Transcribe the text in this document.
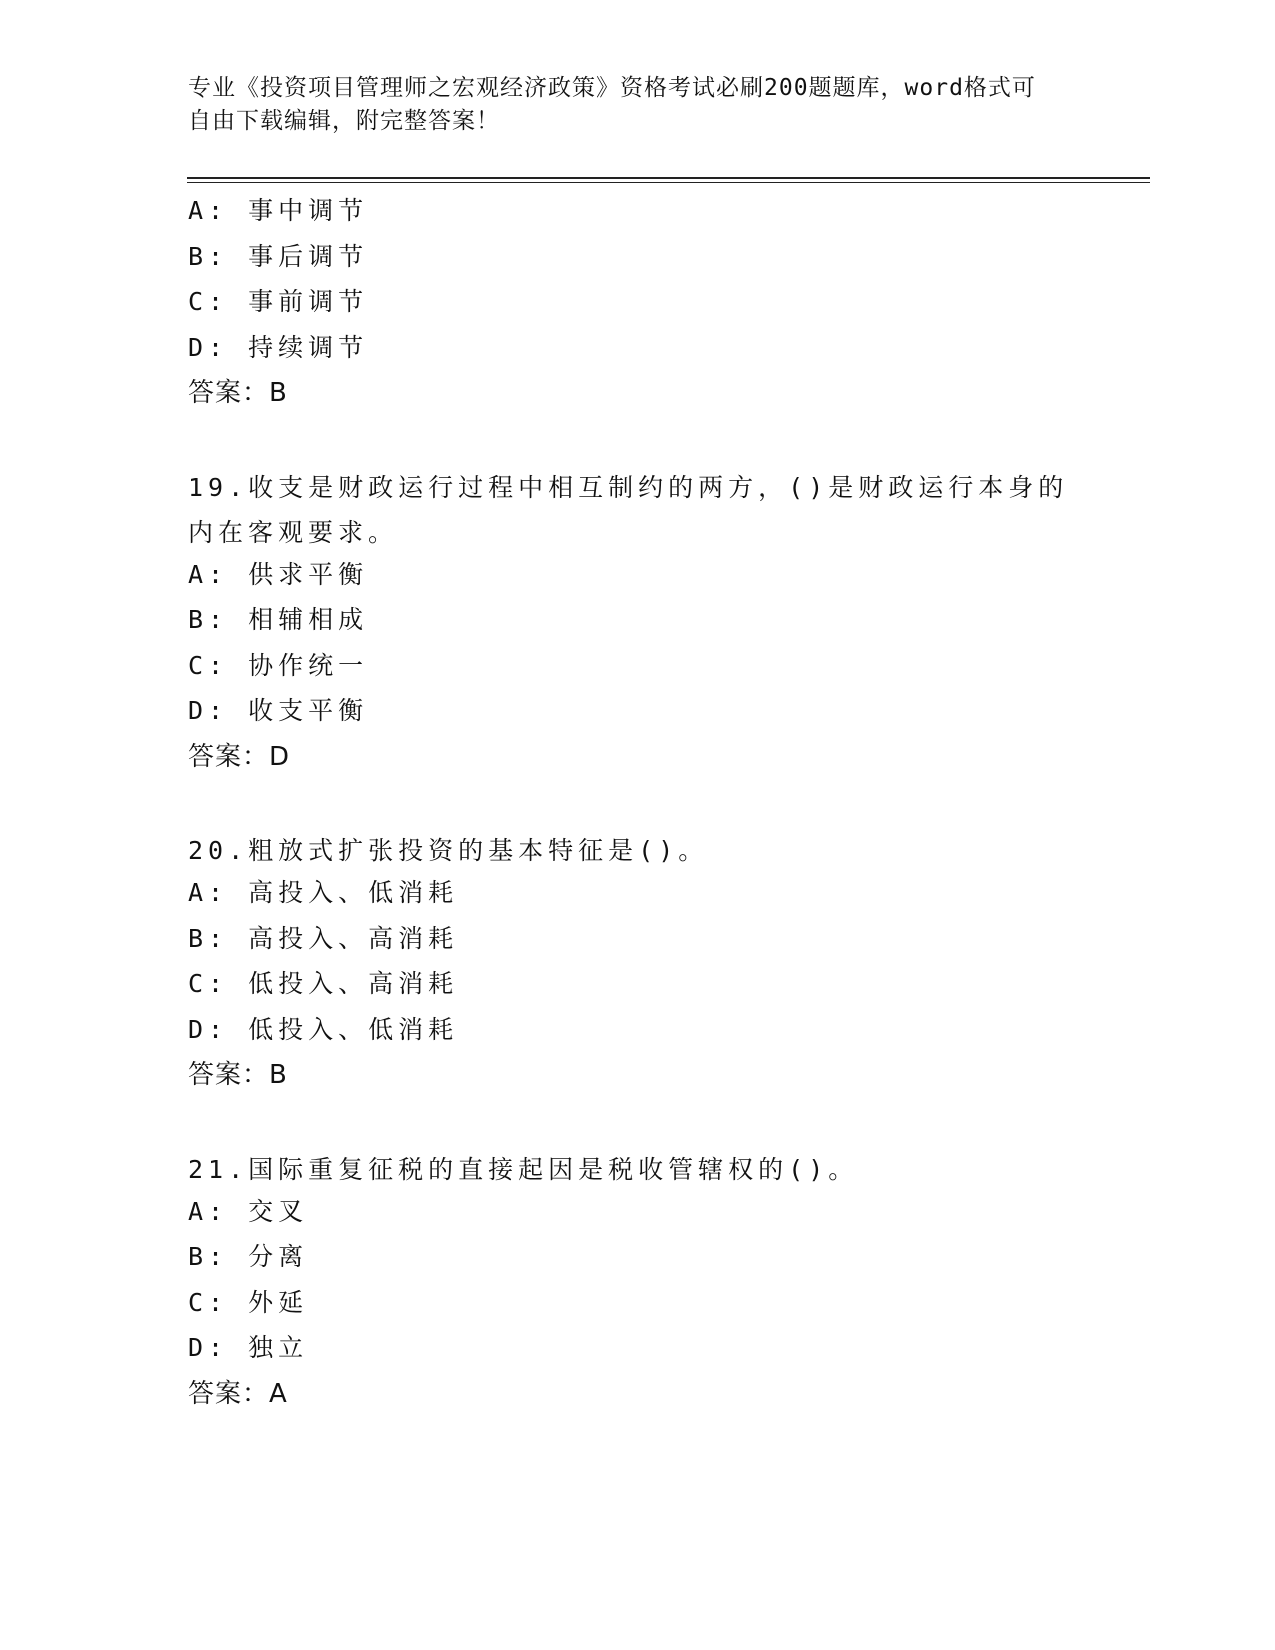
专业《投资项目管理师之宏观经济政策》资格考试必刷200题题库，word格式可
自由下载编辑，附完整答案！
A: 事中调节
B: 事后调节
C: 事前调节
D: 持续调节
答案：B
19.收支是财政运行过程中相互制约的两方，()是财政运行本身的内在客观要求。
A: 供求平衡
B: 相辅相成
C: 协作统一
D: 收支平衡
答案：D
20.粗放式扩张投资的基本特征是()。
A: 高投入、低消耗
B: 高投入、高消耗
C: 低投入、高消耗
D: 低投入、低消耗
答案：B
21.国际重复征税的直接起因是税收管辖权的()。
A: 交叉
B: 分离
C: 外延
D: 独立
答案：A
